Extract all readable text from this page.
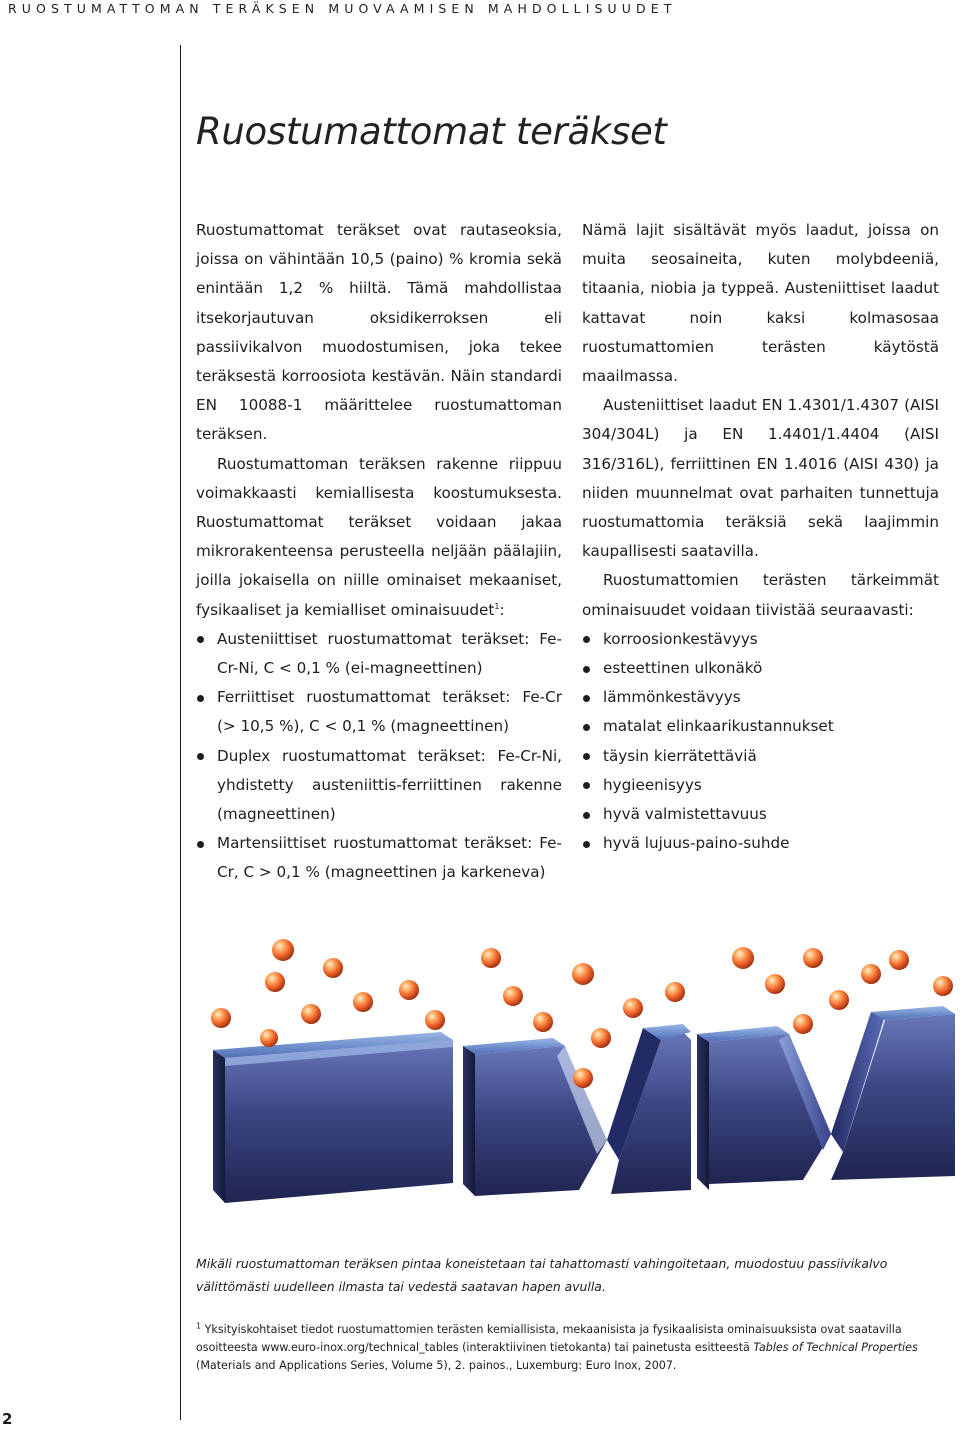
RUOSTUMATTOMAN TERÄKSEN MUOVAAMISEN MAHDOLLISUUDET
Ruostumattomat teräkset

Ruostumattomat teräkset ovat rautaseoksia, joissa on vähintään 10,5 (paino) % kromia sekä enintään 1,2 % hiiltä. Tämä mahdollistaa itsekorjautuvan oksidikerroksen eli passiivikalvon muodostumisen, joka tekee teräksestä korroosiota kestävän. Näin standardi EN 10088-1 määrittelee ruostumattoman teräksen.

Ruostumattoman teräksen rakenne riippuu voimakkaasti kemiallisesta koostumuksesta. Ruostumattomat teräkset voidaan jakaa mikrorakenteensa perusteella neljään päälajiin, joilla jokaisella on niille ominaiset mekaaniset, fysikaaliset ja kemialliset ominaisuudet$^1$:

Austeniittiset ruostumattomat teräkset: Fe-Cr-Ni, C < 0,1 % (ei-magneettinen)
Ferriittiset ruostumattomat teräkset: Fe-Cr (> 10,5 %), C < 0,1 % (magneettinen)
Duplex ruostumattomat teräkset: Fe-Cr-Ni, yhdistetty austeniittis-ferriittinen rakenne (magneettinen)
Martensiittiset ruostumattomat teräkset: Fe-Cr, C > 0,1 % (magneettinen ja karkeneva)

Nämä lajit sisältävät myös laadut, joissa on muita seosaineita, kuten molybdeeniä, titaania, niobia ja typpeä. Austeniittiset laadut kattavat noin kaksi kolmasosaa ruostumattomien terästen käytöstä maailmassa.

Austeniittiset laadut EN 1.4301/1.4307 (AISI 304/304L) ja EN 1.4401/1.4404 (AISI 316/316L), ferriittinen EN 1.4016 (AISI 430) ja niiden muunnelmat ovat parhaiten tunnettuja ruostumattomia teräksiä sekä laajimmin kaupallisesti saatavilla.

Ruostumattomien terästen tärkeimmät ominaisuudet voidaan tiivistää seuraavasti:

korroosionkestävyys
esteettinen ulkonäkö
lämmönkestävyys
matalat elinkaarikustannukset
täysin kierrätettäviä
hygieenisyys
hyvä valmistettavuus
hyvä lujuus-paino-suhde

Mikäli ruostumattoman teräksen pintaa koneistetaan tai tahattomasti vahingoitetaan, muodostuu passiivikalvo välittömästi uudelleen ilmasta tai vedestä saatavan hapen avulla.

$^1$ Yksityiskohtaiset tiedot ruostumattomien terästen kemiallisista, mekaanisista ja fysikaalisista ominaisuuksista ovat saatavilla osoitteesta www.euro-inox.org/technical_tables (interaktiivinen tietokanta) tai painetusta esitteestä Tables of Technical Properties (Materials and Applications Series, Volume 5), 2. painos., Luxemburg: Euro Inox, 2007.

2
